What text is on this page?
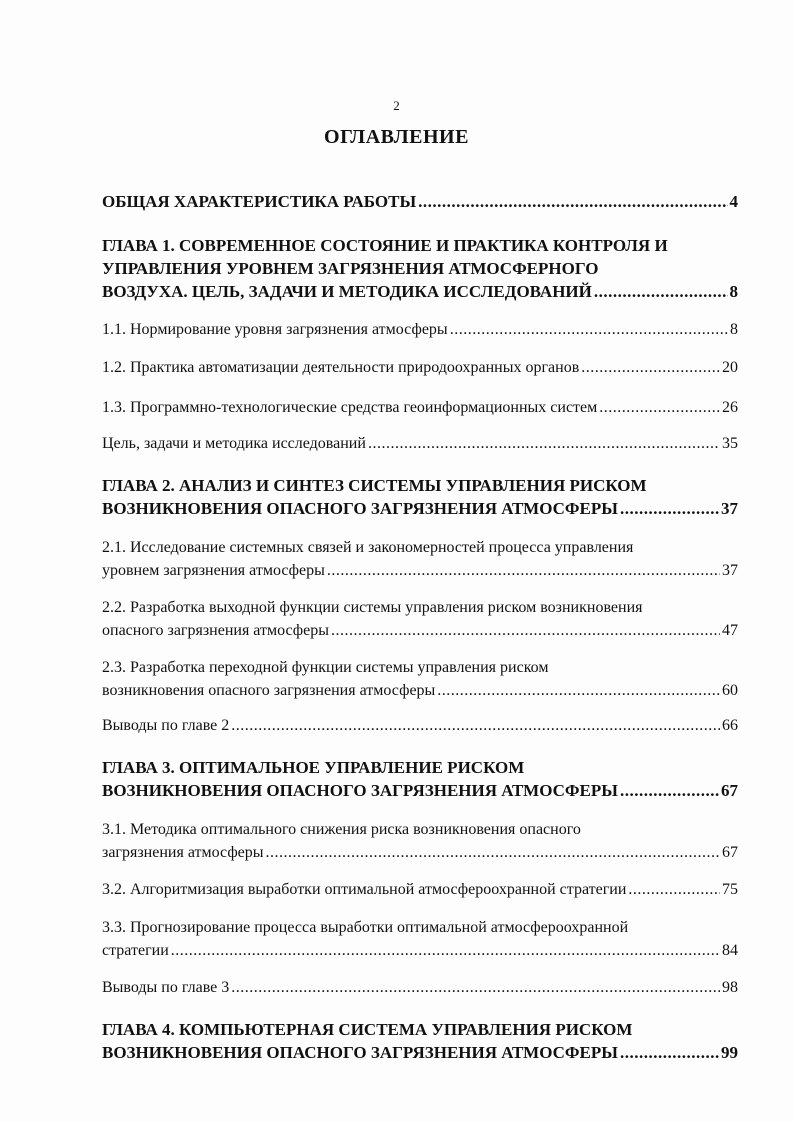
2
ОГЛАВЛЕНИЕ
ОБЩАЯ ХАРАКТЕРИСТИКА РАБОТЫ .....	4
ГЛАВА 1. СОВРЕМЕННОЕ СОСТОЯНИЕ И ПРАКТИКА КОНТРОЛЯ И
УПРАВЛЕНИЯ УРОВНЕМ ЗАГРЯЗНЕНИЯ АТМОСФЕРНОГО
ВОЗДУХА. ЦЕЛЬ, ЗАДАЧИ И МЕТОДИКА ИССЛЕДОВАНИЙ .....	8
1.1. Нормирование уровня загрязнения атмосферы .....	8
1.2. Практика автоматизации деятельности природоохранных органов .....	20
1.3. Программно-технологические средства геоинформационных систем .....	26
Цель, задачи и методика исследований .....	35
ГЛАВА 2. АНАЛИЗ И СИНТЕЗ СИСТЕМЫ УПРАВЛЕНИЯ РИСКОМ
ВОЗНИКНОВЕНИЯ ОПАСНОГО ЗАГРЯЗНЕНИЯ АТМОСФЕРЫ .....	37
2.1. Исследование системных связей и закономерностей процесса управления
уровнем загрязнения атмосферы .....	37
2.2. Разработка выходной функции системы управления риском возникновения
опасного загрязнения атмосферы .....	47
2.3. Разработка переходной функции системы управления риском
возникновения опасного загрязнения атмосферы .....	60
Выводы по главе 2 .....	66
ГЛАВА 3. ОПТИМАЛЬНОЕ УПРАВЛЕНИЕ РИСКОМ
ВОЗНИКНОВЕНИЯ ОПАСНОГО ЗАГРЯЗНЕНИЯ АТМОСФЕРЫ .....	67
3.1. Методика оптимального снижения риска возникновения опасного
загрязнения атмосферы .....	67
3.2. Алгоритмизация выработки оптимальной атмосфероохранной стратегии .....	75
3.3. Прогнозирование процесса выработки оптимальной атмосфероохранной
стратегии .....	84
Выводы по главе 3 .....	98
ГЛАВА 4. КОМПЬЮТЕРНАЯ СИСТЕМА УПРАВЛЕНИЯ РИСКОМ
ВОЗНИКНОВЕНИЯ ОПАСНОГО ЗАГРЯЗНЕНИЯ АТМОСФЕРЫ .....	99
